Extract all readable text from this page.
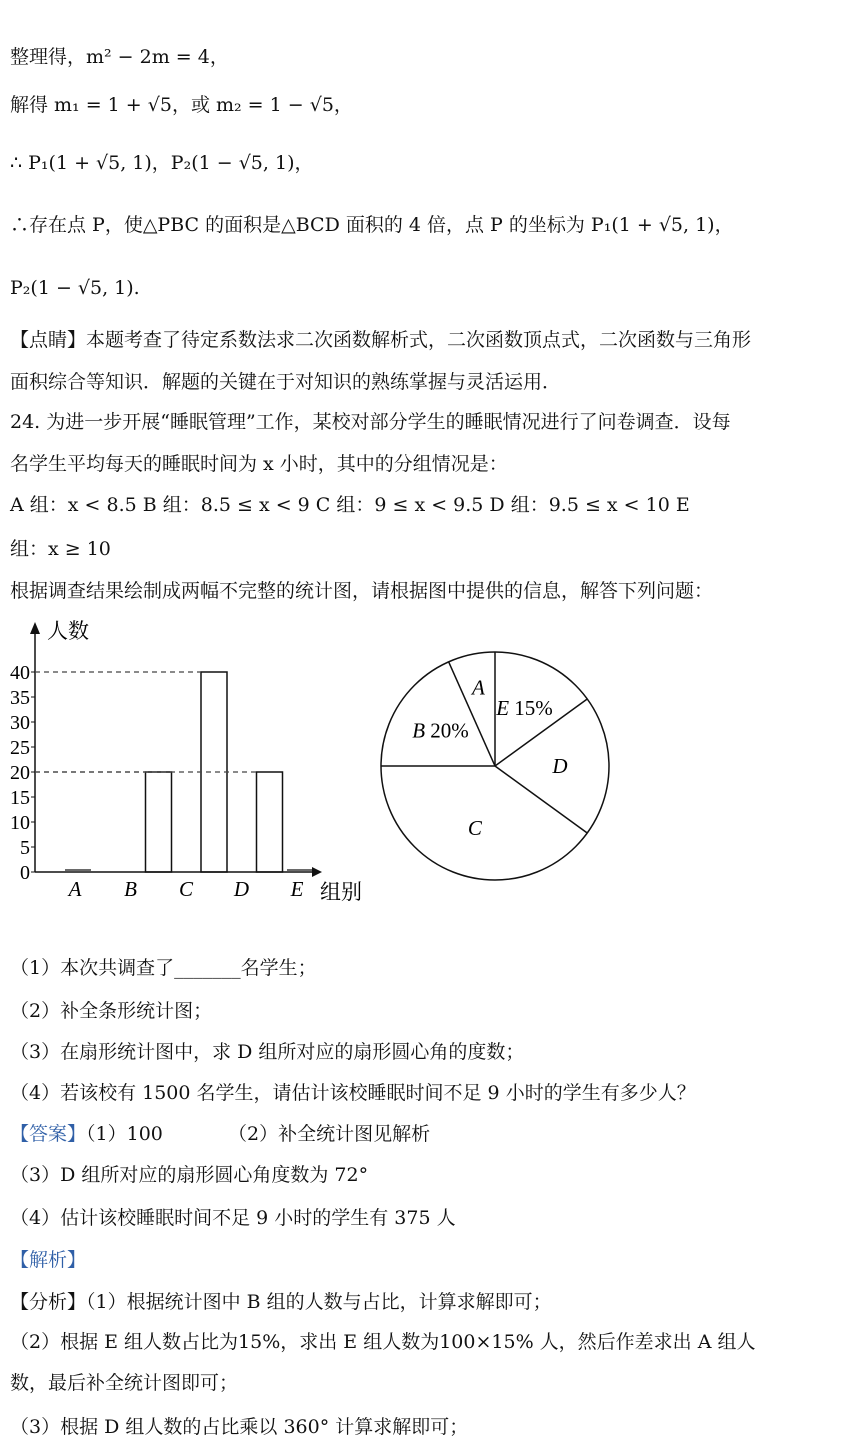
整理得，m² − 2m = 4，
解得 m₁ = 1 + √5，或 m₂ = 1 − √5，
∴ P₁(1 + √5, 1)，P₂(1 − √5, 1)，
∴存在点 P，使△PBC 的面积是△BCD 面积的 4 倍，点 P 的坐标为 P₁(1 + √5, 1)，
P₂(1 − √5, 1).
【点睛】本题考查了待定系数法求二次函数解析式，二次函数顶点式，二次函数与三角形
面积综合等知识．解题的关键在于对知识的熟练掌握与灵活运用．
24. 为进一步开展“睡眠管理”工作，某校对部分学生的睡眠情况进行了问卷调查．设每
名学生平均每天的睡眠时间为 x 小时，其中的分组情况是：
A 组：x < 8.5 B 组：8.5 ≤ x < 9 C 组：9 ≤ x < 9.5 D 组：9.5 ≤ x < 10 E
组：x ≥ 10
根据调查结果绘制成两幅不完整的统计图，请根据图中提供的信息，解答下列问题：
（1）本次共调查了_______名学生；
（2）补全条形统计图；
（3）在扇形统计图中，求 D 组所对应的扇形圆心角的度数；
（4）若该校有 1500 名学生，请估计该校睡眠时间不足 9 小时的学生有多少人？
（2）补全统计图见解析
（3）D 组所对应的扇形圆心角度数为 72°
（4）估计该校睡眠时间不足 9 小时的学生有 375 人
【分析】（1）根据统计图中 B 组的人数与占比，计算求解即可；
（2）根据 E 组人数占比为15%，求出 E 组人数为100×15% 人，然后作差求出 A 组人
数，最后补全统计图即可；
（3）根据 D 组人数的占比乘以 360° 计算求解即可；
【答案】（1）100
【解析】
人数
组别
0
5
10
15
20
25
30
35
40
A B C D E
A
E 15%
D
C
B 20%
